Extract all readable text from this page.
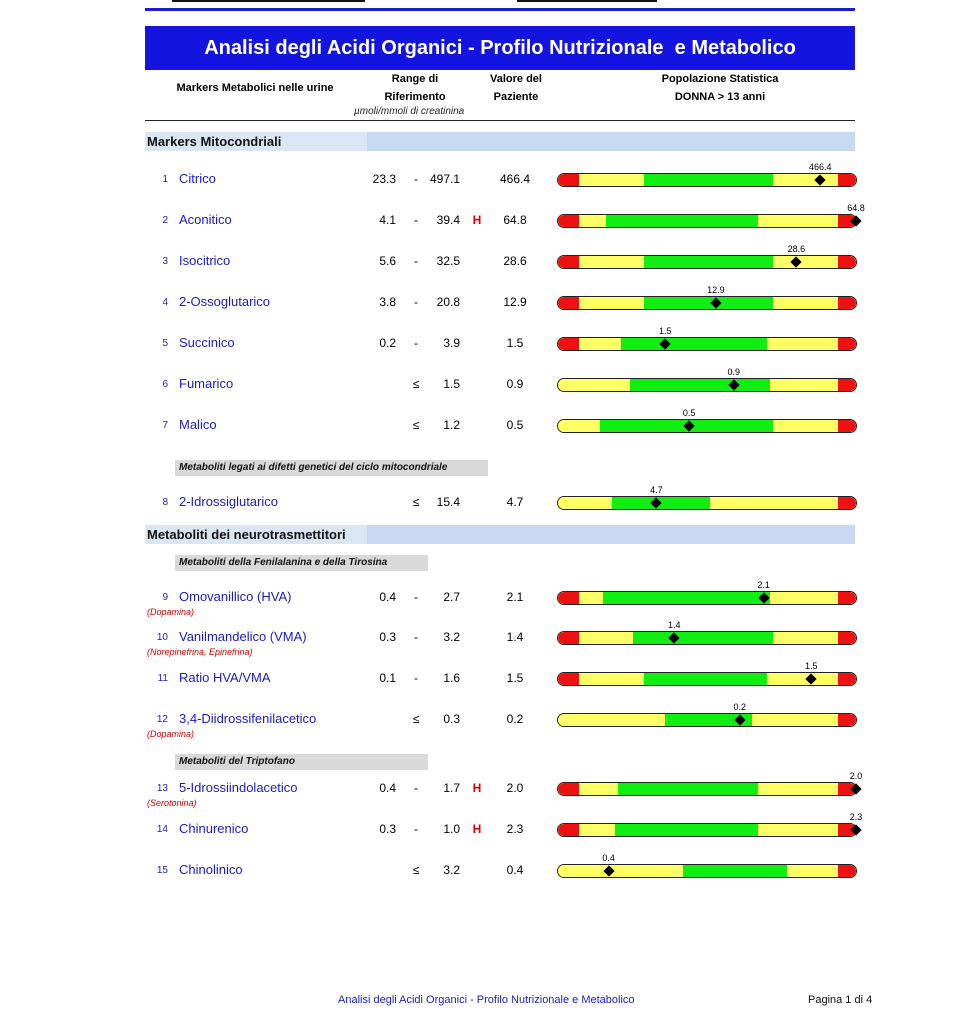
Analisi degli Acidi Organici - Profilo Nutrizionale  e Metabolico
Markers Metabolici nelle urine
Range di
Riferimento
µmoli/mmoli di creatinina
Valore del
Paziente
Popolazione Statistica
DONNA > 13 anni
Markers Mitocondriali
Metaboliti legati ai difetti genetici del ciclo mitocondriale
Metaboliti dei neurotrasmettitori
Metaboliti della Fenilalanina e della Tirosina
Metaboliti del Triptofano
1 Citrico	23.3	- 497.1	466.4
466.4
2 Aconitico	4.1	-	39.4 H	64.8
64.8
3 Isocitrico	5.6	-	32.5	28.6
28.6
4 2-Ossoglutarico	3.8	-	20.8	12.9
12.9
5 Succinico	0.2	-	3.9	1.5
1.5
6 Fumarico	≤	1.5	0.9
0.9
7 Malico	≤	1.2	0.5
0.5
8 2-Idrossiglutarico	≤	15.4	4.7
4.7
9 Omovanillico (HVA)	0.4	-	2.7	2.1
(Dopamina)
2.1
10 Vanilmandelico (VMA)	0.3	-	3.2	1.4
(Norepinefrina, Epinefrina)
1.4
11 Ratio HVA/VMA	0.1	-	1.6	1.5
1.5
12 3,4-Diidrossifenilacetico	≤	0.3	0.2
(Dopamina)
0.2
13 5-Idrossiindolacetico	0.4	-	1.7 H	2.0
(Serotonina)
2.0
14 Chinurenico	0.3	-	1.0 H	2.3
2.3
15 Chinolinico	≤	3.2	0.4
0.4
Analisi degli Acidi Organici - Profilo Nutrizionale e Metabolico	Pagina 1 di 4
